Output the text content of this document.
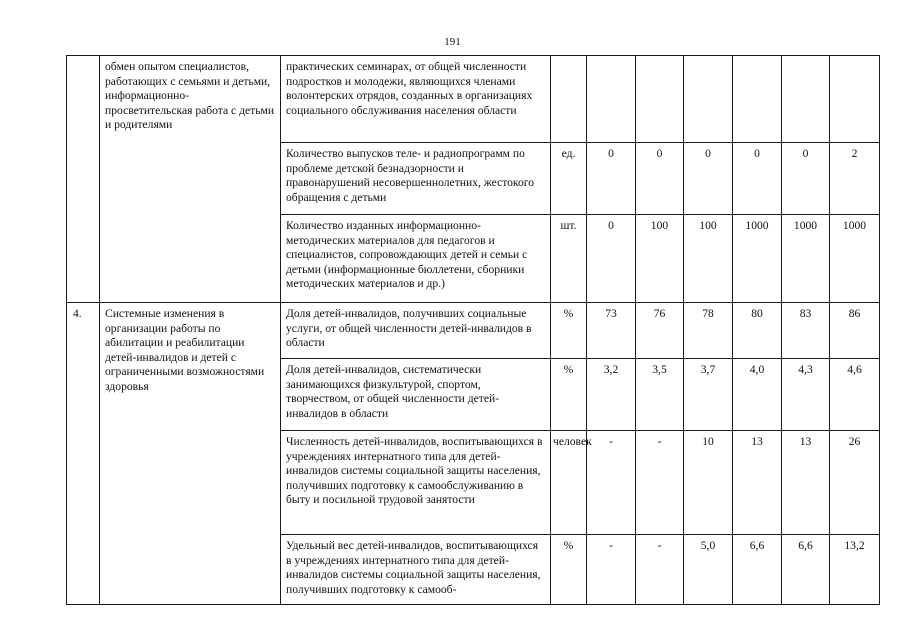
191
	обмен опытом специалистов, работающих с семьями и детьми, информационно-просветительская работа с детьми и родителями	практических семинарах, от общей численности подростков и молодежи, являющихся членами волонтерских отрядов, созданных в организациях социального обслуживания населения области							
		Количество выпусков теле- и радиопрограмм по проблеме детской безнадзорности и правонарушений несовершеннолетних, жестокого обращения с детьми	ед.	0	0	0	0	0	2
		Количество изданных информационно-методических материалов для педагогов и специалистов, сопровождающих детей и семьи с детьми (информационные бюллетени, сборники методических материалов и др.)	шт.	0	100	100	1000	1000	1000
4.	Системные изменения в организации работы по абилитации и реабилитации детей-инвалидов и детей с ограниченными возможностями здоровья	Доля детей-инвалидов, получивших социальные услуги, от общей численности детей-инвалидов в области	%	73	76	78	80	83	86
		Доля детей-инвалидов, систематически занимающихся физкультурой, спортом, творчеством, от общей численности детей-инвалидов в области	%	3,2	3,5	3,7	4,0	4,3	4,6
		Численность детей-инвалидов, воспитывающихся в учреждениях интернатного типа для детей-инвалидов системы социальной защиты населения, получивших подготовку к самообслуживанию в быту и посильной трудовой занятости	человек	-	-	10	13	13	26
		Удельный вес детей-инвалидов, воспитывающихся в учреждениях интернатного типа для детей-инвалидов системы социальной защиты населения, получивших подготовку к самооб-	%	-	-	5,0	6,6	6,6	13,2
